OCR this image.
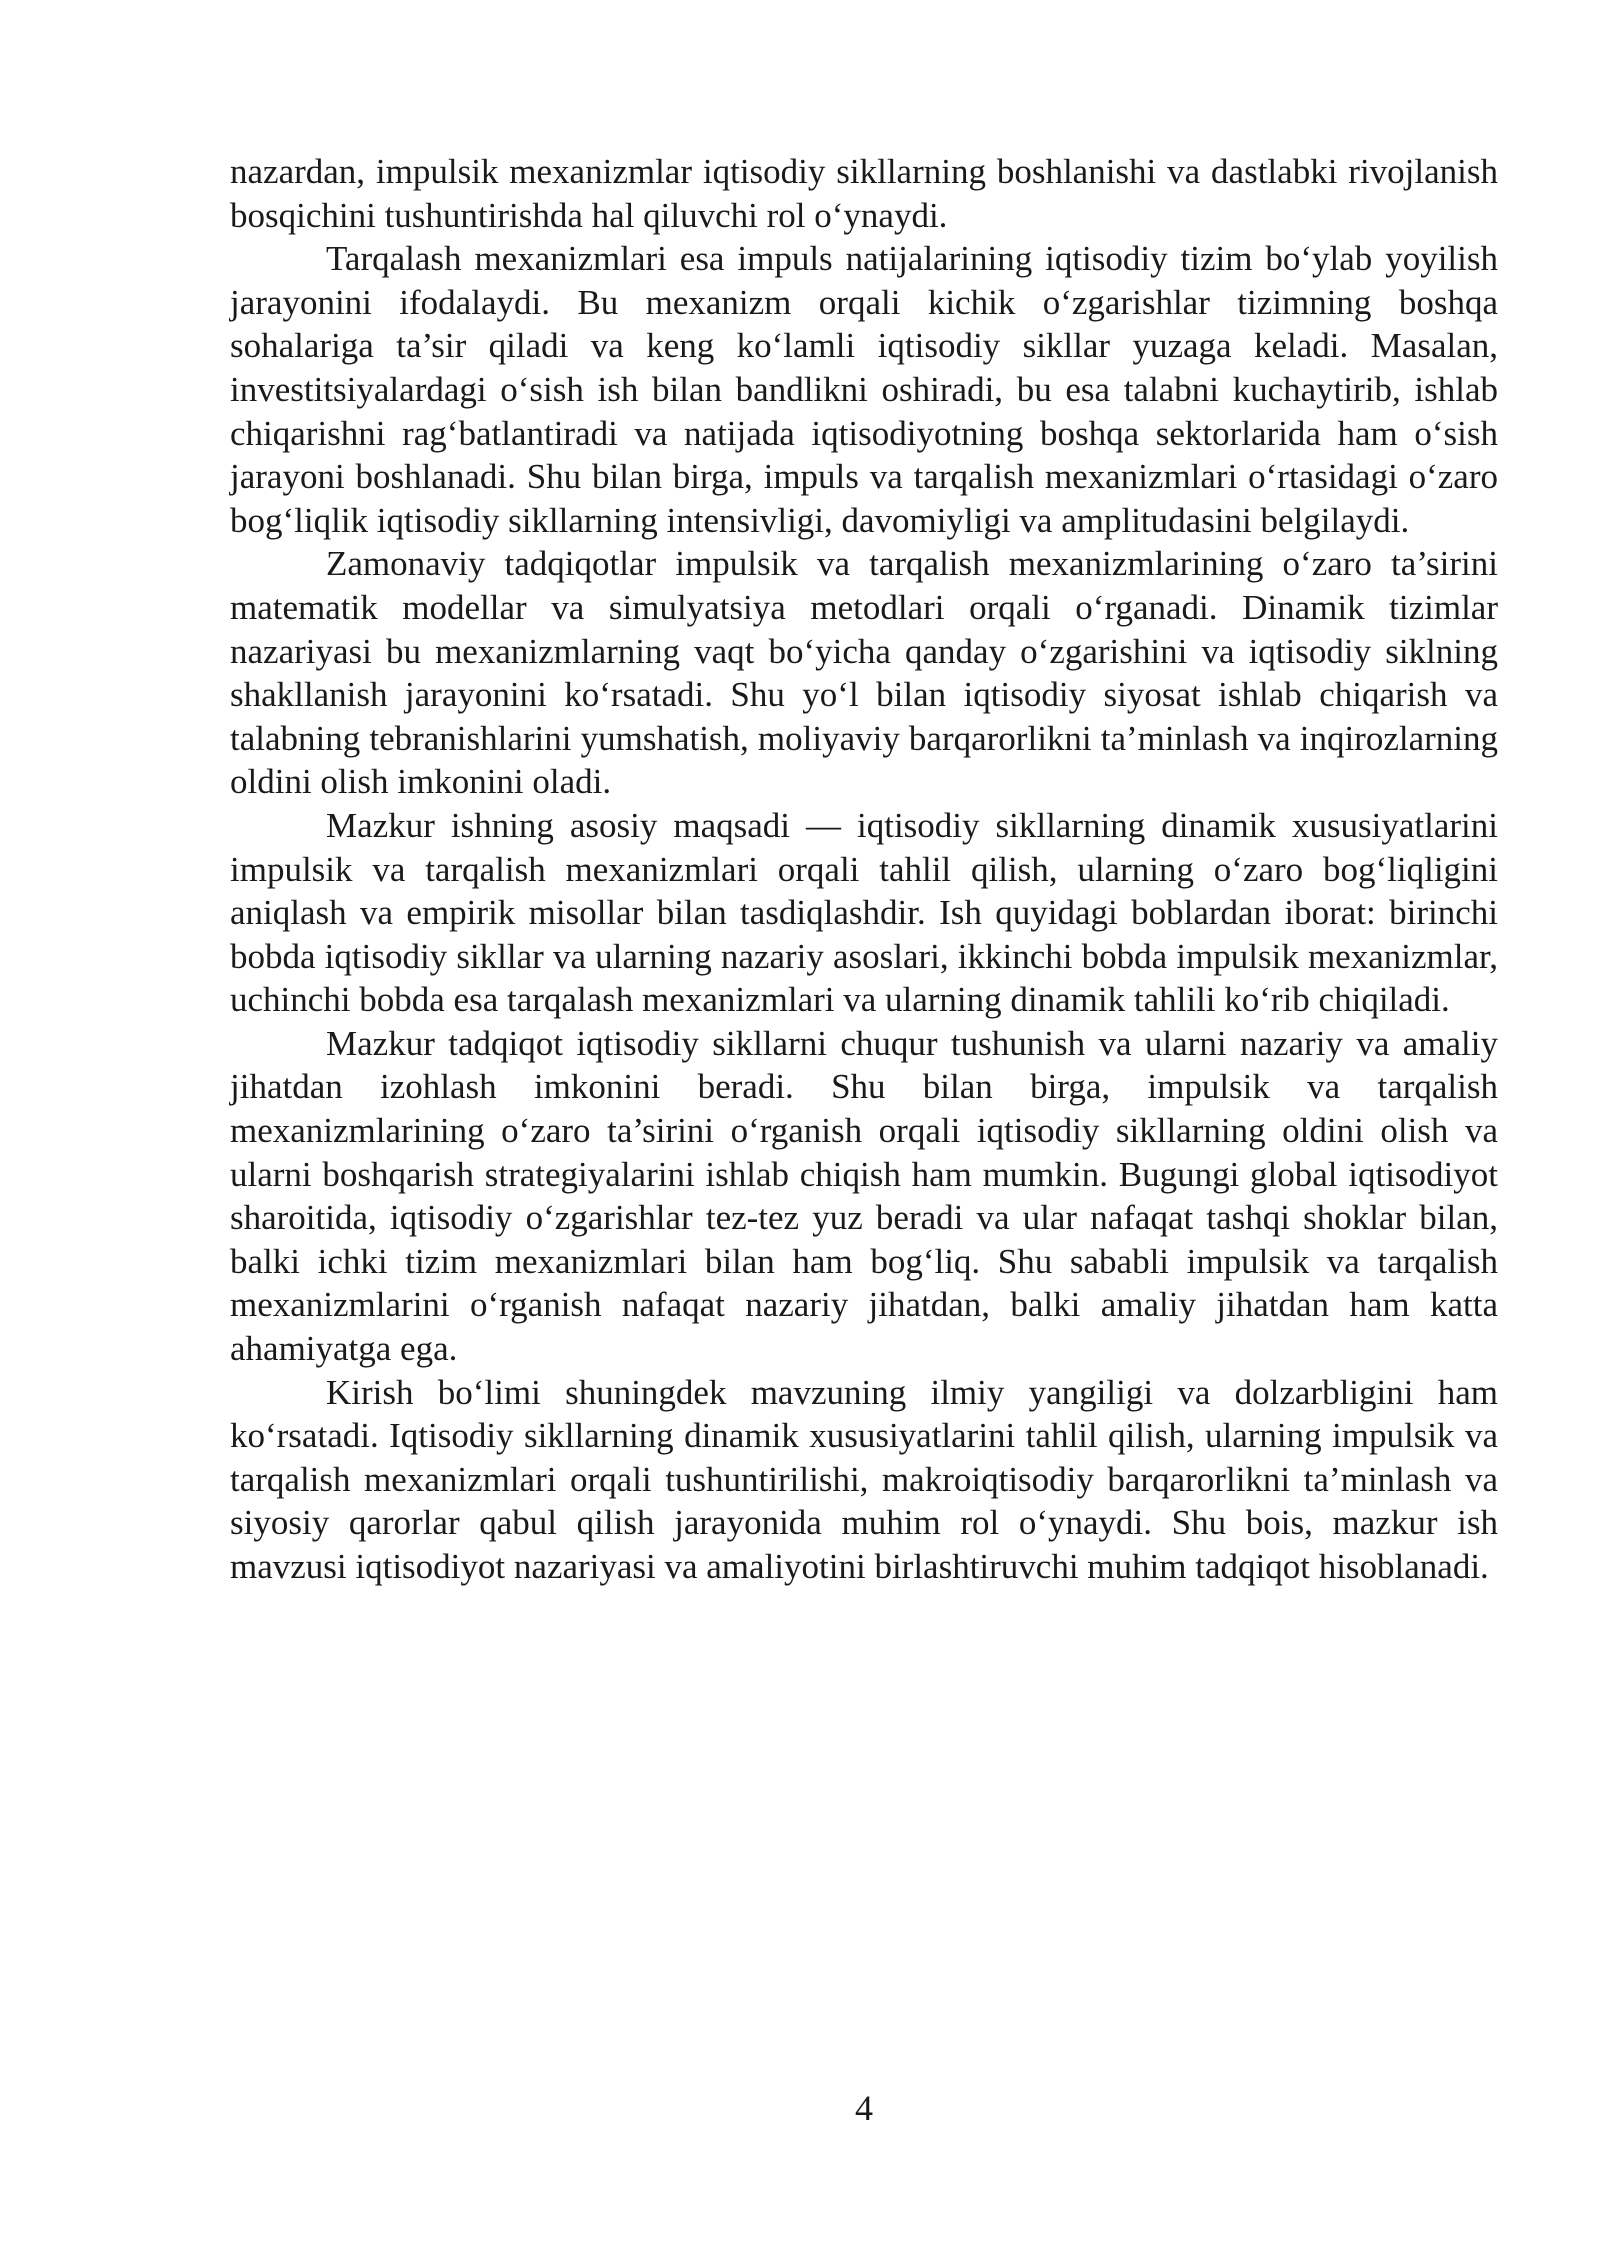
nazardan, impulsik mexanizmlar iqtisodiy sikllarning boshlanishi va dastlabki rivojlanish bosqichini tushuntirishda hal qiluvchi rol o‘ynaydi.

Tarqalash mexanizmlari esa impuls natijalarining iqtisodiy tizim bo‘ylab yoyilish jarayonini ifodalaydi. Bu mexanizm orqali kichik o‘zgarishlar tizimning boshqa sohalariga ta’sir qiladi va keng ko‘lamli iqtisodiy sikllar yuzaga keladi. Masalan, investitsiyalardagi o‘sish ish bilan bandlikni oshiradi, bu esa talabni kuchaytirib, ishlab chiqarishni rag‘batlantiradi va natijada iqtisodiyotning boshqa sektorlarida ham o‘sish jarayoni boshlanadi. Shu bilan birga, impuls va tarqalish mexanizmlari o‘rtasidagi o‘zaro bog‘liqlik iqtisodiy sikllarning intensivligi, davomiyligi va amplitudasini belgilaydi.

Zamonaviy tadqiqotlar impulsik va tarqalish mexanizmlarining o‘zaro ta’sirini matematik modellar va simulyatsiya metodlari orqali o‘rganadi. Dinamik tizimlar nazariyasi bu mexanizmlarning vaqt bo‘yicha qanday o‘zgarishini va iqtisodiy siklning shakllanish jarayonini ko‘rsatadi. Shu yo‘l bilan iqtisodiy siyosat ishlab chiqarish va talabning tebranishlarini yumshatish, moliyaviy barqarorlikni ta’minlash va inqirozlarning oldini olish imkonini oladi.

Mazkur ishning asosiy maqsadi — iqtisodiy sikllarning dinamik xususiyatlarini impulsik va tarqalish mexanizmlari orqali tahlil qilish, ularning o‘zaro bog‘liqligini aniqlash va empirik misollar bilan tasdiqlashdir. Ish quyidagi boblardan iborat: birinchi bobda iqtisodiy sikllar va ularning nazariy asoslari, ikkinchi bobda impulsik mexanizmlar, uchinchi bobda esa tarqalash mexanizmlari va ularning dinamik tahlili ko‘rib chiqiladi.

Mazkur tadqiqot iqtisodiy sikllarni chuqur tushunish va ularni nazariy va amaliy jihatdan izohlash imkonini beradi. Shu bilan birga, impulsik va tarqalish mexanizmlarining o‘zaro ta’sirini o‘rganish orqali iqtisodiy sikllarning oldini olish va ularni boshqarish strategiyalarini ishlab chiqish ham mumkin. Bugungi global iqtisodiyot sharoitida, iqtisodiy o‘zgarishlar tez-tez yuz beradi va ular nafaqat tashqi shoklar bilan, balki ichki tizim mexanizmlari bilan ham bog‘liq. Shu sababli impulsik va tarqalish mexanizmlarini o‘rganish nafaqat nazariy jihatdan, balki amaliy jihatdan ham katta ahamiyatga ega.

Kirish bo‘limi shuningdek mavzuning ilmiy yangiligi va dolzarbligini ham ko‘rsatadi. Iqtisodiy sikllarning dinamik xususiyatlarini tahlil qilish, ularning impulsik va tarqalish mexanizmlari orqali tushuntirilishi, makroiqtisodiy barqarorlikni ta’minlash va siyosiy qarorlar qabul qilish jarayonida muhim rol o‘ynaydi. Shu bois, mazkur ish mavzusi iqtisodiyot nazariyasi va amaliyotini birlashtiruvchi muhim tadqiqot hisoblanadi.

4
